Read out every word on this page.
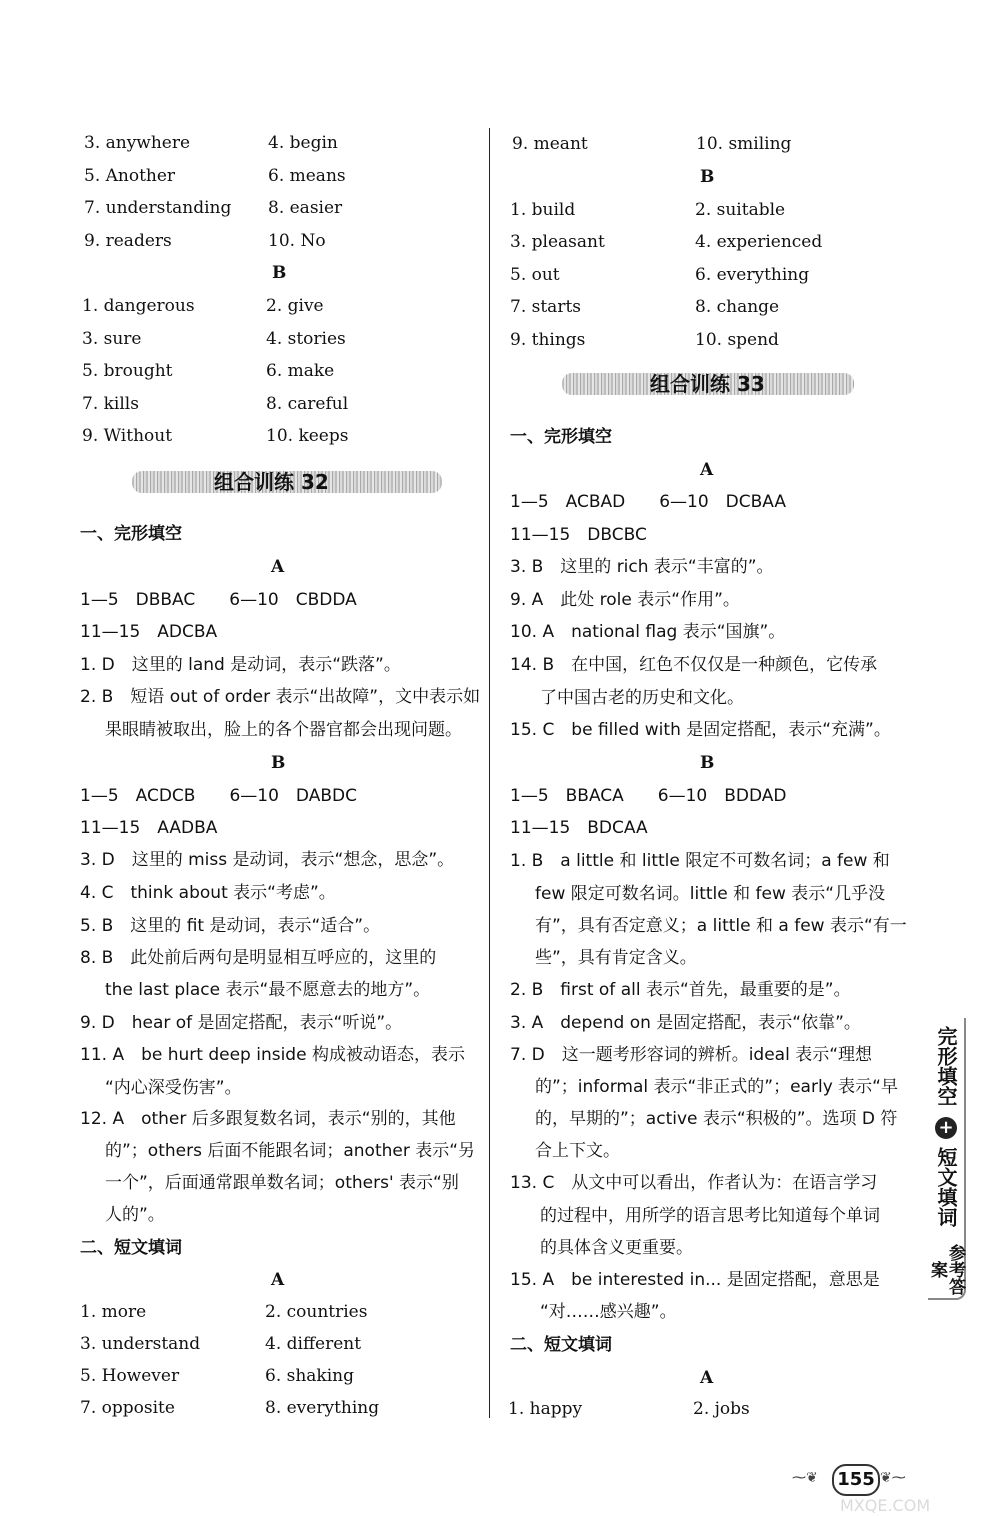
3. anywhere	4. begin
5. Another	6. means
7. understanding 8. easier
9. readers	10. No
B
1. dangerous	2. give
3. sure	4. stories
5. brought	6. make
7. kills	8. careful
9. Without	10. keeps
组合训练 32
一、完形填空
A
1—5　DBBAC　　6—10　CBDDA
11—15　ADCBA
1. D　这里的 land 是动词，表示“跌落”。
2. B　短语 out of order 表示“出故障”，文中表示如
果眼睛被取出，脸上的各个器官都会出现问题。
B
1—5　ACDCB　　6—10　DABDC
11—15　AADBA
3. D　这里的 miss 是动词，表示“想念，思念”。
4. C　think about 表示“考虑”。
5. B　这里的 fit 是动词，表示“适合”。
8. B　此处前后两句是明显相互呼应的，这里的
the last place 表示“最不愿意去的地方”。
9. D　hear of 是固定搭配，表示“听说”。
11. A　be hurt deep inside 构成被动语态，表示
“内心深受伤害”。
12. A　other 后多跟复数名词，表示“别的，其他
的”；others 后面不能跟名词；another 表示“另
一个”，后面通常跟单数名词；others' 表示“别
人的”。
二、短文填词
A
1. more	2. countries
3. understand	4. different
5. However	6. shaking
7. opposite	8. everything
9. meant	10. smiling
B
1. build	2. suitable
3. pleasant	4. experienced
5. out	6. everything
7. starts	8. change
9. things	10. spend
组合训练 33
一、完形填空
A
1—5　ACBAD　　6—10　DCBAA
11—15　DBCBC
3. B　这里的 rich 表示“丰富的”。
9. A　此处 role 表示“作用”。
10. A　national flag 表示“国旗”。
14. B　在中国，红色不仅仅是一种颜色，它传承
了中国古老的历史和文化。
15. C　be filled with 是固定搭配，表示“充满”。
B
1—5　BBACA　　6—10　BDDAD
11—15　BDCAA
1. B　a little 和 little 限定不可数名词；a few 和
few 限定可数名词。little 和 few 表示“几乎没
有”，具有否定意义；a little 和 a few 表示“有一
些”，具有肯定含义。
2. B　first of all 表示“首先，最重要的是”。
3. A　depend on 是固定搭配，表示“依靠”。
7. D　这一题考形容词的辨析。ideal 表示“理想
的”；informal 表示“非正式的”；early 表示“早
的，早期的”；active 表示“积极的”。选项 D 符
合上下文。
13. C　从文中可以看出，作者认为：在语言学习
的过程中，用所学的语言思考比知道每个单词
的具体含义更重要。
15. A　be interested in... 是固定搭配，意思是
“对……感兴趣”。
二、短文填词
A
1. happy	2. jobs
完形填空
+
短文填词
参考答案
⁓❦ 155 ❦⁓
MXQE.COM
